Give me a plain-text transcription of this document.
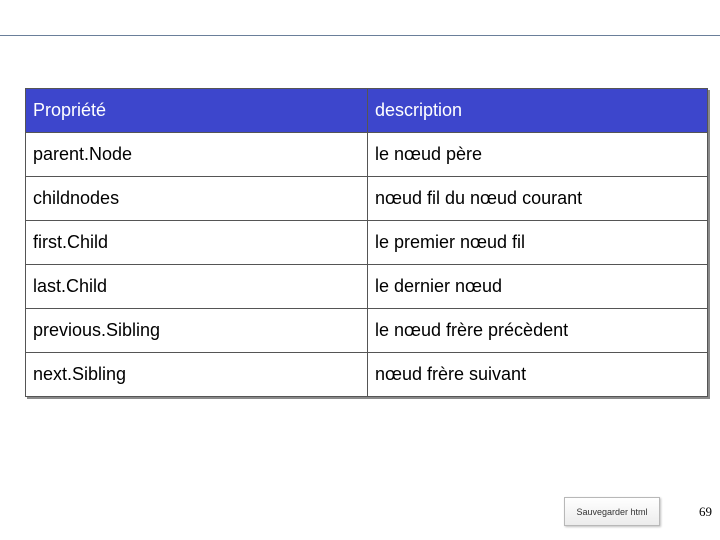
Propriété	description
parent.Node	le nœud père
childnodes	nœud fil du nœud courant
first.Child	le premier nœud fil
last.Child	le dernier nœud
previous.Sibling	le nœud frère précèdent
next.Sibling	nœud frère suivant
Sauvegarder html	69
